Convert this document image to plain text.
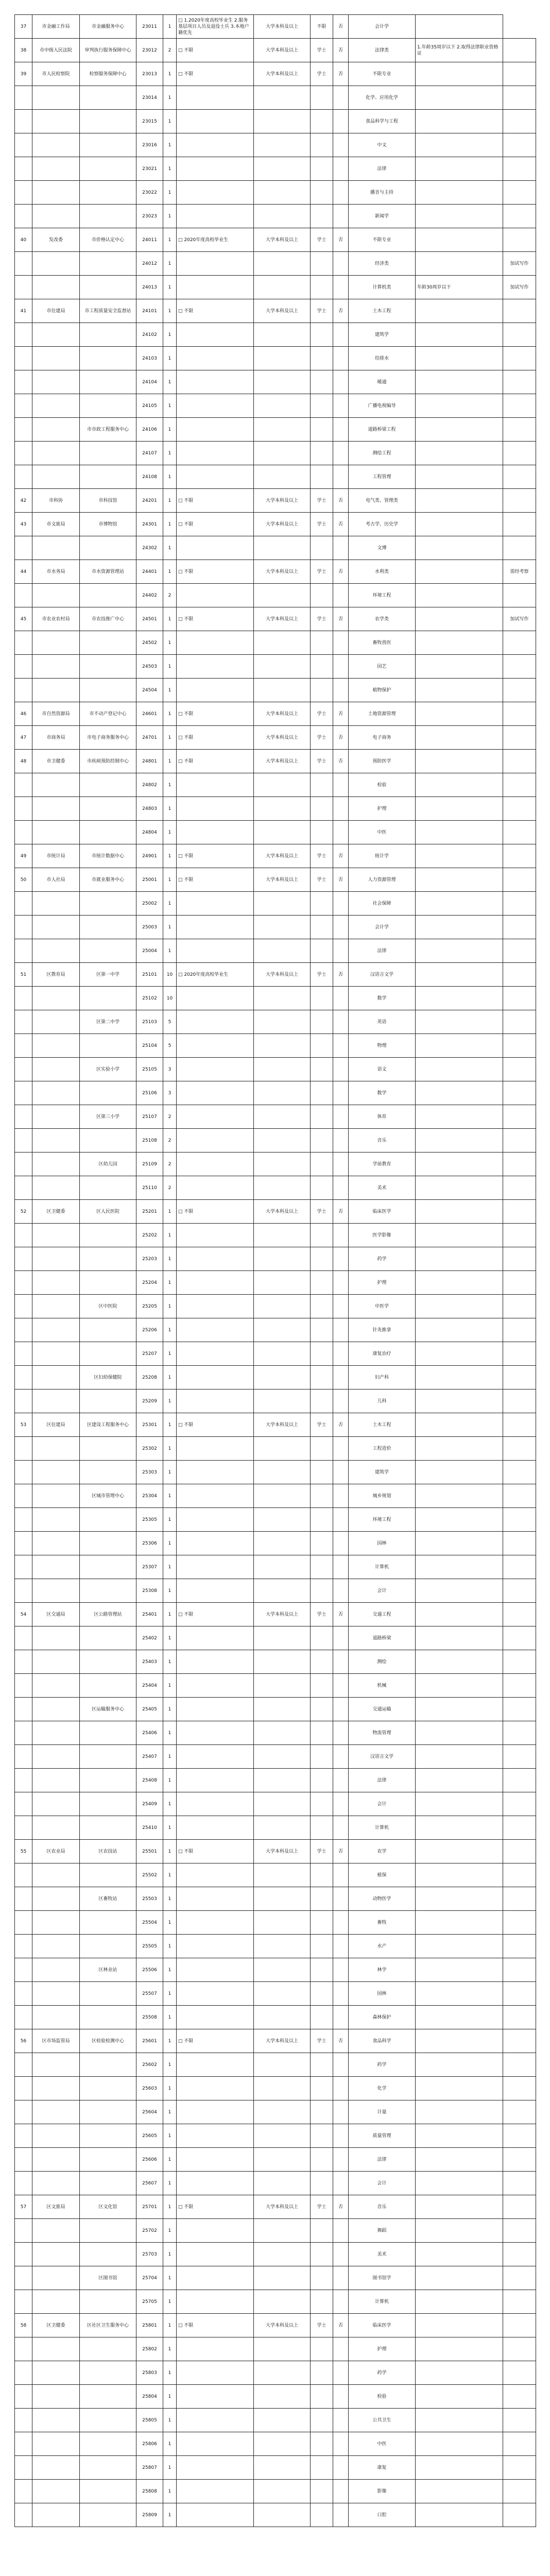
37	市金融工作局	市金融服务中心	23011	1	□ 1.2020年度高校毕业生 2.服务基层项目人员及退役士兵 3.本地户籍优先	大学本科及以上	不限	否	会计学			
38	市中级人民法院	审判执行服务保障中心	23012	2	□ 不限	大学本科及以上	学士	否	法律类	1.年龄35周岁以下 2.取得法律职业资格证		
39	市人民检察院	检察服务保障中心	23013	1	□ 不限	大学本科及以上	学士	否	不限专业			
			23014	1					化学、应用化学			
			23015	1					食品科学与工程			
			23016	1					中文			
			23021	1					法律			
			23022	1					播音与主持			
			23023	1					新闻学			
40	发改委	市价格认定中心	24011	1	□ 2020年度高校毕业生	大学本科及以上	学士	否	不限专业			
			24012	1					经济类		加试写作	
			24013	1					计算机类	年龄30周岁以下	加试写作	
41	市住建局	市工程质量安全监督站	24101	1	□ 不限	大学本科及以上	学士	否	土木工程			
			24102	1					建筑学			
			24103	1					给排水			
			24104	1					暖通			
			24105	1					广播电视编导			
		市市政工程服务中心	24106	1					道路桥梁工程			
			24107	1					测绘工程			
			24108	1					工程管理			
42	市科协	市科技馆	24201	1	□ 不限	大学本科及以上	学士	否	电气类、管理类			
43	市文旅局	市博物馆	24301	1	□ 不限	大学本科及以上	学士	否	考古学、历史学			
			24302	1					文博			
44	市水务局	市水资源管理站	24401	1	□ 不限	大学本科及以上	学士	否	水利类		需经考察	
			24402	2					环境工程			
45	市农业农村局	市农技推广中心	24501	1	□ 不限	大学本科及以上	学士	否	农学类		加试写作	
			24502	1					畜牧兽医			
			24503	1					园艺			
			24504	1					植物保护			
46	市自然资源局	市不动产登记中心	24601	1	□ 不限	大学本科及以上	学士	否	土地资源管理			
47	市商务局	市电子商务服务中心	24701	1	□ 不限	大学本科及以上	学士	否	电子商务			
48	市卫健委	市疾病预防控制中心	24801	1	□ 不限	大学本科及以上	学士	否	预防医学			
			24802	1					检验			
			24803	1					护理			
			24804	1					中医			
49	市统计局	市统计数据中心	24901	1	□ 不限	大学本科及以上	学士	否	统计学			
50	市人社局	市就业服务中心	25001	1	□ 不限	大学本科及以上	学士	否	人力资源管理			
			25002	1					社会保障			
			25003	1					会计学			
			25004	1					法律			
51	区教育局	区第一中学	25101	10	□ 2020年度高校毕业生	大学本科及以上	学士	否	汉语言文学			
			25102	10					数学			
		区第二中学	25103	5					英语			
			25104	5					物理			
		区实验小学	25105	3					语文			
			25106	3					数学			
		区第三小学	25107	2					体育			
			25108	2					音乐			
		区幼儿园	25109	2					学前教育			
			25110	2					美术			
52	区卫健委	区人民医院	25201	1	□ 不限	大学本科及以上	学士	否	临床医学			
			25202	1					医学影像			
			25203	1					药学			
			25204	1					护理			
		区中医院	25205	1					中医学			
			25206	1					针灸推拿			
			25207	1					康复治疗			
		区妇幼保健院	25208	1					妇产科			
			25209	1					儿科			
53	区住建局	区建设工程服务中心	25301	1	□ 不限	大学本科及以上	学士	否	土木工程			
			25302	1					工程造价			
			25303	1					建筑学			
		区城市管理中心	25304	1					城乡规划			
			25305	1					环境工程			
			25306	1					园林			
			25307	1					计算机			
			25308	1					会计			
54	区交通局	区公路管理站	25401	1	□ 不限	大学本科及以上	学士	否	交通工程			
			25402	1					道路桥梁			
			25403	1					测绘			
			25404	1					机械			
		区运输服务中心	25405	1					交通运输			
			25406	1					物流管理			
			25407	1					汉语言文学			
			25408	1					法律			
			25409	1					会计			
			25410	1					计算机			
55	区农业局	区农技站	25501	1	□ 不限	大学本科及以上	学士	否	农学			
			25502	1					植保			
		区畜牧站	25503	1					动物医学			
			25504	1					畜牧			
			25505	1					水产			
		区林业站	25506	1					林学			
			25507	1					园林			
			25508	1					森林保护			
56	区市场监管局	区检验检测中心	25601	1	□ 不限	大学本科及以上	学士	否	食品科学			
			25602	1					药学			
			25603	1					化学			
			25604	1					计量			
			25605	1					质量管理			
			25606	1					法律			
			25607	1					会计			
57	区文旅局	区文化馆	25701	1	□ 不限	大学本科及以上	学士	否	音乐			
			25702	1					舞蹈			
			25703	1					美术			
		区图书馆	25704	1					图书馆学			
			25705	1					计算机			
58	区卫健委	区社区卫生服务中心	25801	1	□ 不限	大学本科及以上	学士	否	临床医学			
			25802	1					护理			
			25803	1					药学			
			25804	1					检验			
			25805	1					公共卫生			
			25806	1					中医			
			25807	1					康复			
			25808	1					影像			
			25809	1					口腔			
